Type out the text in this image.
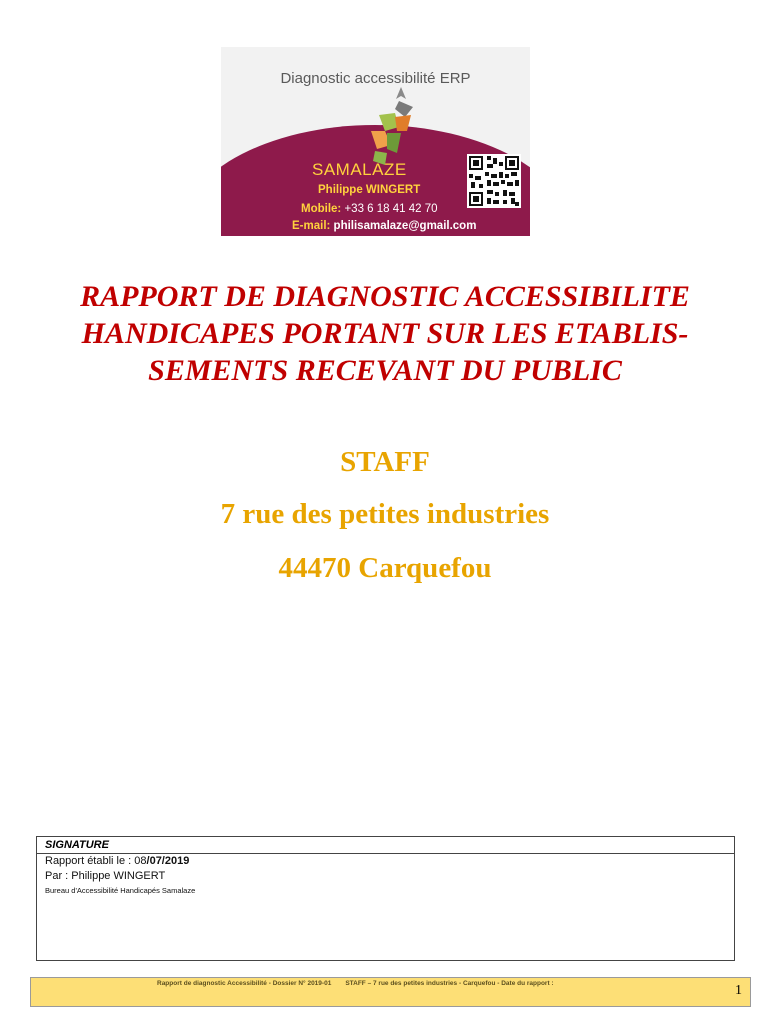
Diagnostic accessibilité ERP
SAMALAZE
Philippe WINGERT
Mobile: +33 6 18 41 42 70
E-mail: philisamalaze@gmail.com
RAPPORT DE DIAGNOSTIC ACCESSIBILITE
HANDICAPES PORTANT SUR LES ETABLIS-
SEMENTS RECEVANT DU PUBLIC
STAFF
7 rue des petites industries
44470 Carquefou
SIGNATURE
Rapport établi le : 08/07/2019
Par : Philippe WINGERT
Bureau d'Accessibilité Handicapés Samalaze
Rapport de diagnostic Accessibilité - Dossier N° 2019-01 STAFF – 7 rue des petites industries - Carquefou - Date du rapport :	1
